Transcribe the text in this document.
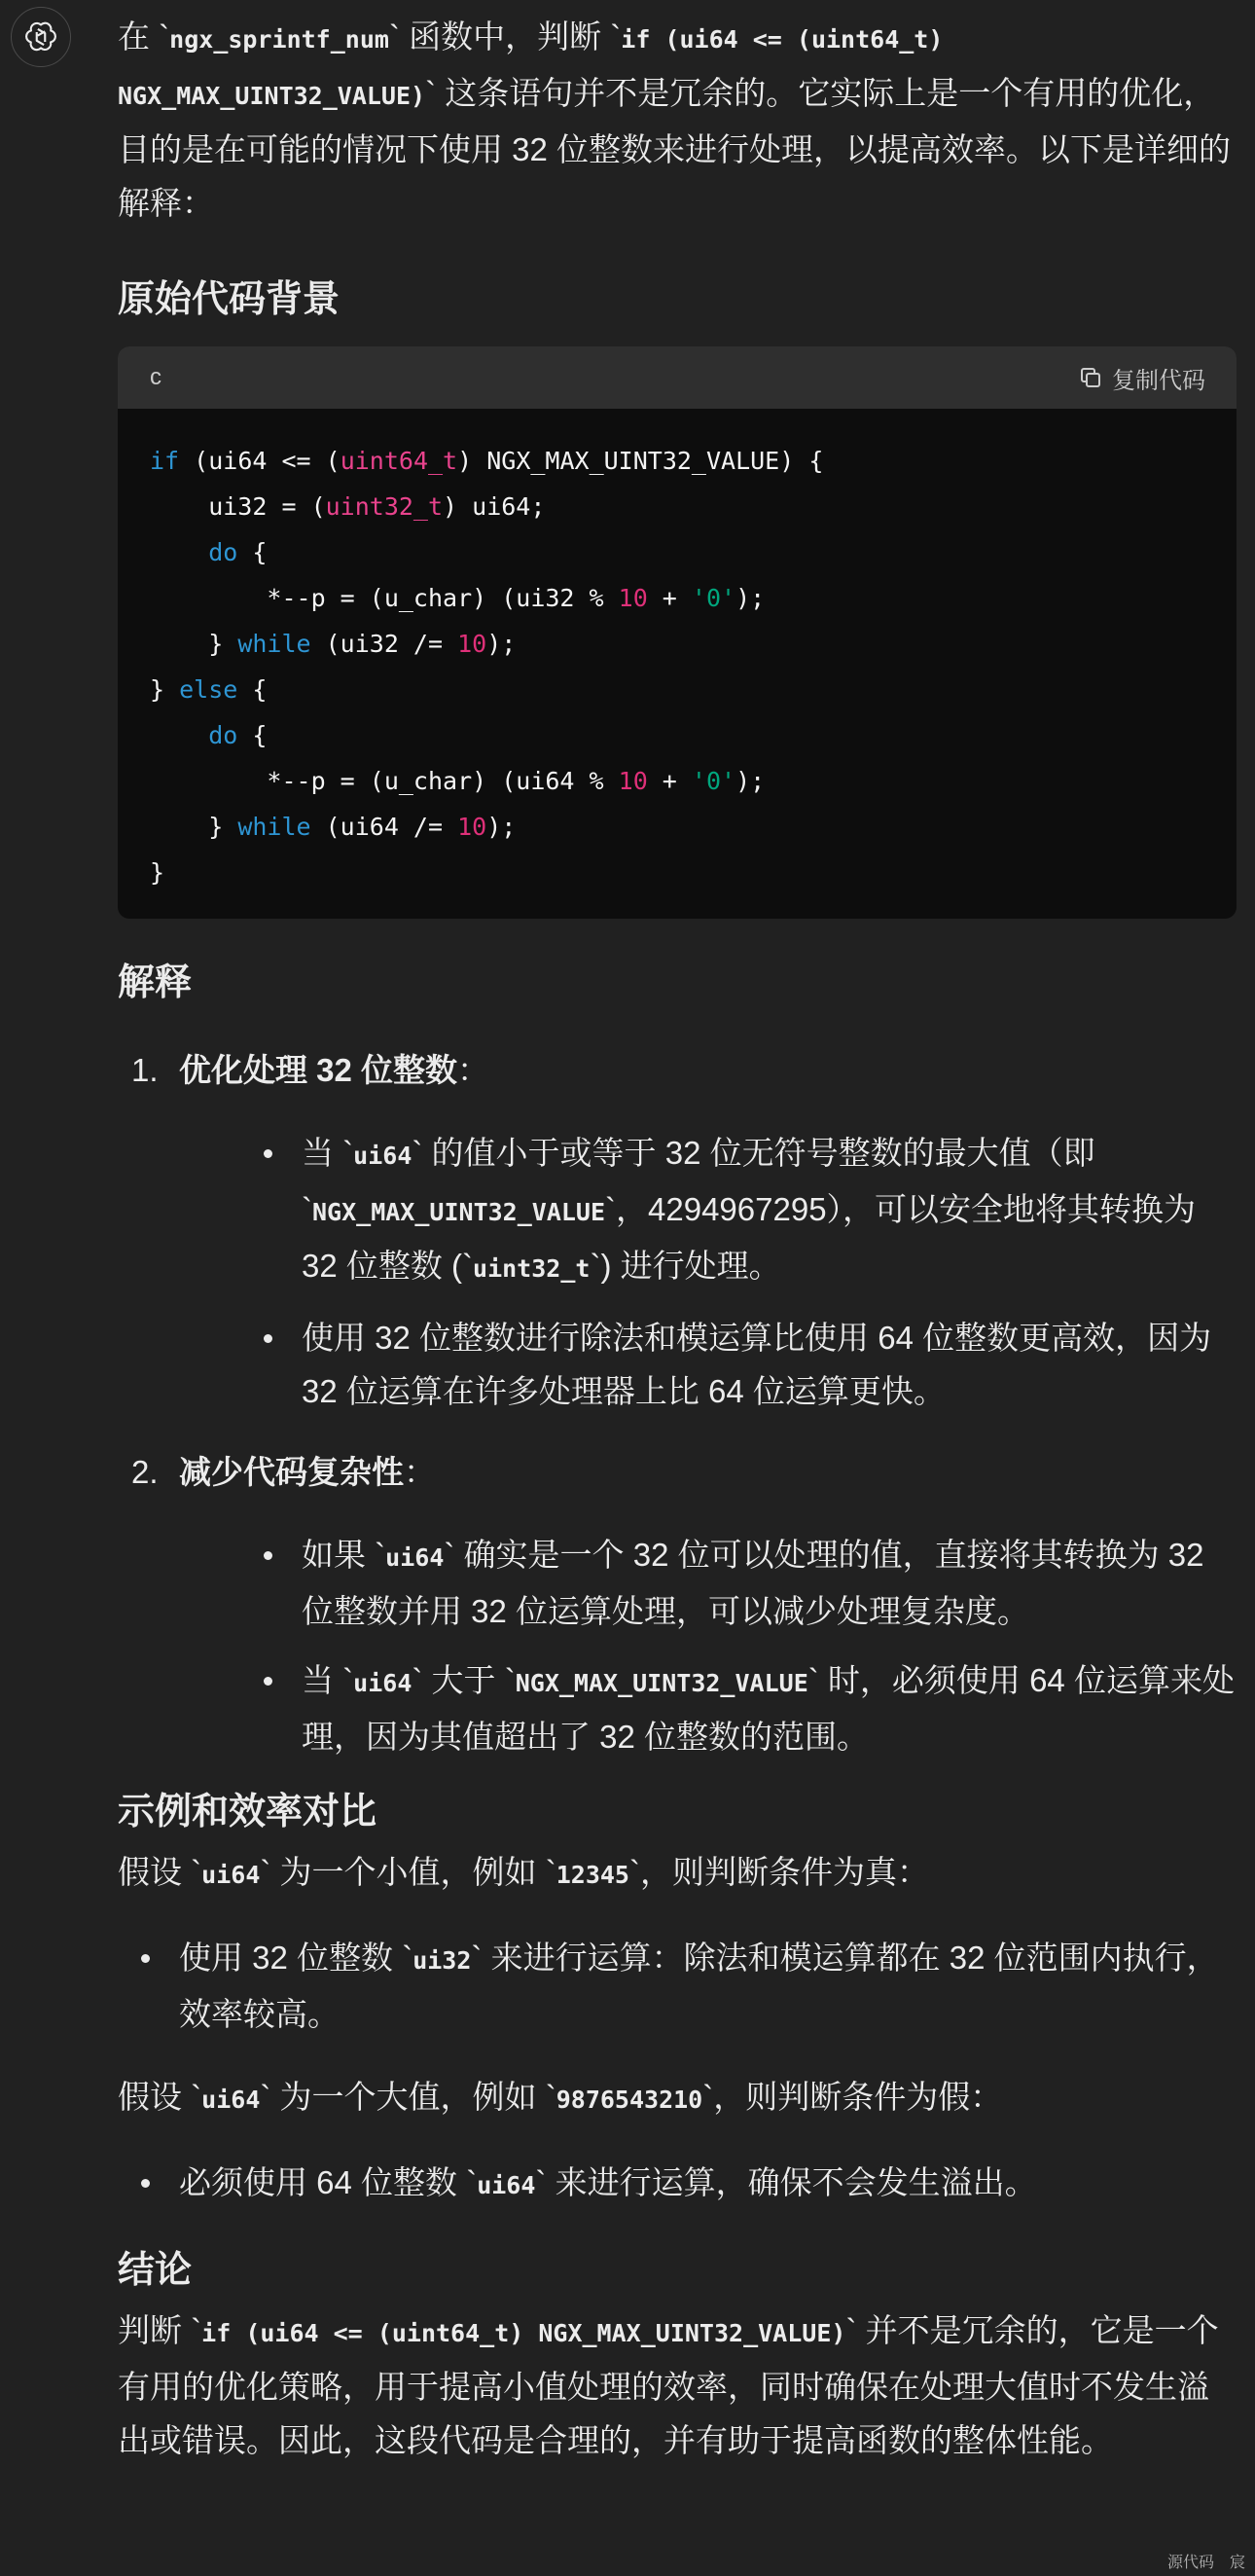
在 `ngx_sprintf_num` 函数中，判断 `if (ui64 <= (uint64_t) NGX_MAX_UINT32_VALUE)` 这条语句并不是冗余的。它实际上是一个有用的优化，目的是在可能的情况下使用 32 位整数来进行处理，以提高效率。以下是详细的解释：

原始代码背景
c	复制代码
if (ui64 <= (uint64_t) NGX_MAX_UINT32_VALUE) {
ui32 = (uint32_t) ui64;
do {
*--p = (u_char) (ui32 % 10 + '0');
} while (ui32 /= 10);
} else {
do {
*--p = (u_char) (ui64 % 10 + '0');
} while (ui64 /= 10);
}
解释
1. 优化处理 32 位整数：

当 `ui64` 的值小于或等于 32 位无符号整数的最大值（即 `NGX_MAX_UINT32_VALUE`，4294967295），可以安全地将其转换为 32 位整数 (`uint32_t`) 进行处理。

使用 32 位整数进行除法和模运算比使用 64 位整数更高效，因为 32 位运算在许多处理器上比 64 位运算更快。

2. 减少代码复杂性：

如果 `ui64` 确实是一个 32 位可以处理的值，直接将其转换为 32 位整数并用 32 位运算处理，可以减少处理复杂度。

当 `ui64` 大于 `NGX_MAX_UINT32_VALUE` 时，必须使用 64 位运算来处理，因为其值超出了 32 位整数的范围。

示例和效率对比

假设 `ui64` 为一个小值，例如 `12345`，则判断条件为真：

使用 32 位整数 `ui32` 来进行运算：除法和模运算都在 32 位范围内执行，效率较高。

假设 `ui64` 为一个大值，例如 `9876543210`，则判断条件为假：

必须使用 64 位整数 `ui64` 来进行运算，确保不会发生溢出。

结论

判断 `if (ui64 <= (uint64_t) NGX_MAX_UINT32_VALUE)` 并不是冗余的，它是一个有用的优化策略，用于提高小值处理的效率，同时确保在处理大值时不发生溢出或错误。因此，这段代码是合理的，并有助于提高函数的整体性能。

源代码　宸
